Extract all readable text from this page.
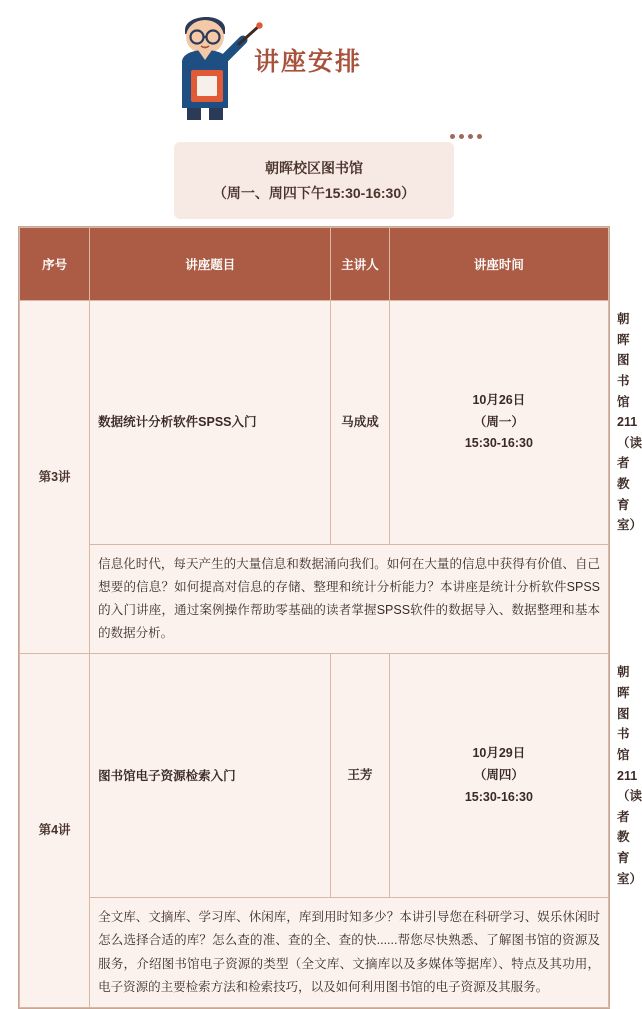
讲座安排
朝晖校区图书馆
（周一、周四下午15:30-16:30）
序号	讲座题目	主讲人	讲座时间	地点
第3讲	数据统计分析软件SPSS入门	马成成	10月26日
（周一）
15:30-16:30	朝晖图书馆211（读者教育室）
	信息化时代，每天产生的大量信息和数据涌向我们。如何在大量的信息中获得有价值、自己想要的信息？如何提高对信息的存储、整理和统计分析能力？本讲座是统计分析软件SPSS的入门讲座，通过案例操作帮助零基础的读者掌握SPSS软件的数据导入、数据整理和基本的数据分析。			
第4讲	图书馆电子资源检索入门	王芳	10月29日
（周四）
15:30-16:30	朝晖图书馆211（读者教育室）
	全文库、文摘库、学习库、休闲库，库到用时知多少？本讲引导您在科研学习、娱乐休闲时怎么选择合适的库？怎么查的准、查的全、查的快......帮您尽快熟悉、了解图书馆的资源及服务，介绍图书馆电子资源的类型（全文库、文摘库以及多媒体等据库）、特点及其功用，电子资源的主要检索方法和检索技巧，以及如何利用图书馆的电子资源及其服务。			
